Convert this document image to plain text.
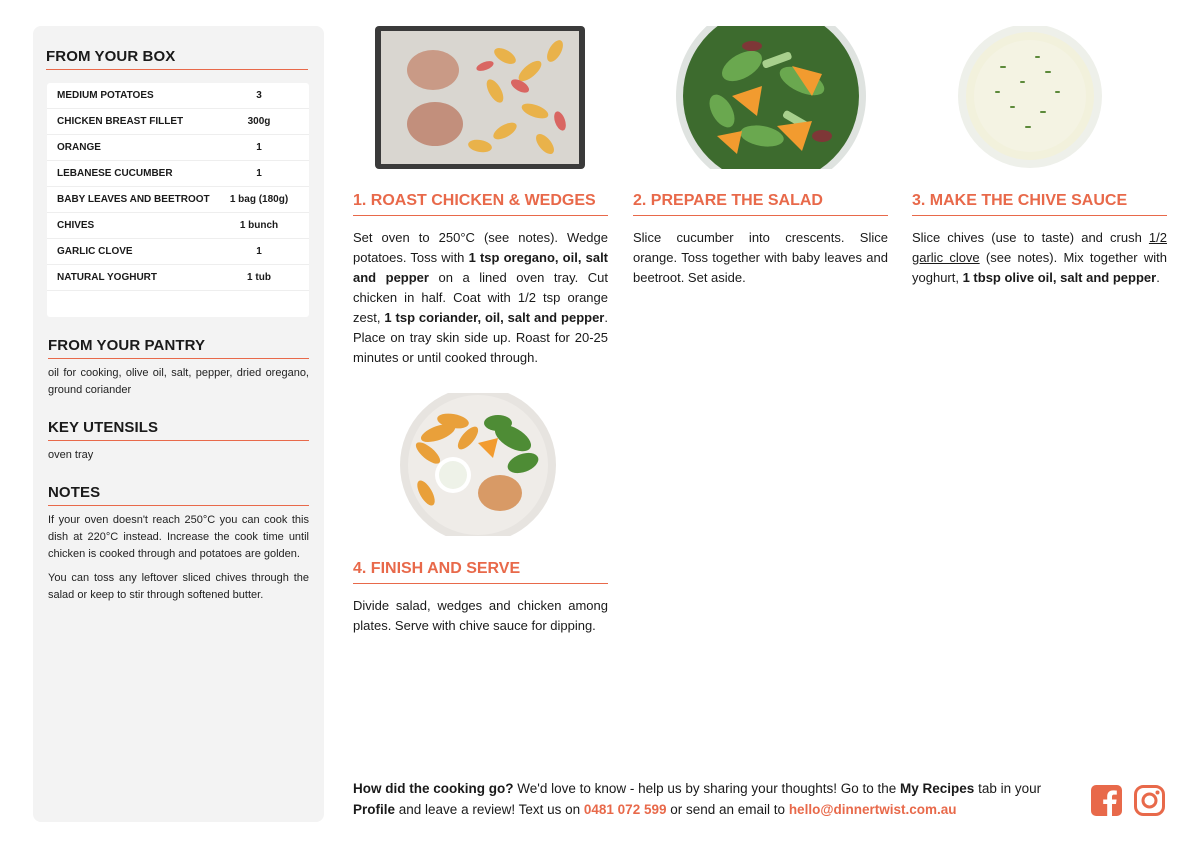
FROM YOUR BOX
MEDIUM POTATOES	3
CHICKEN BREAST FILLET	300g
ORANGE	1
LEBANESE CUCUMBER	1
BABY LEAVES AND BEETROOT	1 bag (180g)
CHIVES	1 bunch
GARLIC CLOVE	1
NATURAL YOGHURT	1 tub
FROM YOUR PANTRY

oil for cooking, olive oil, salt, pepper, dried oregano, ground coriander

KEY UTENSILS

oven tray

NOTES

If your oven doesn't reach 250°C you can cook this dish at 220°C instead. Increase the cook time until chicken is cooked through and potatoes are golden.

You can toss any leftover sliced chives through the salad or keep to stir through softened butter.

1. ROAST CHICKEN & WEDGES

Set oven to 250°C (see notes). Wedge potatoes. Toss with 1 tsp oregano, oil, salt and pepper on a lined oven tray. Cut chicken in half. Coat with 1/2 tsp orange zest, 1 tsp coriander, oil, salt and pepper. Place on tray skin side up. Roast for 20-25 minutes or until cooked through.

2. PREPARE THE SALAD

Slice cucumber into crescents. Slice orange. Toss together with baby leaves and beetroot. Set aside.

3. MAKE THE CHIVE SAUCE

Slice chives (use to taste) and crush 1/2 garlic clove (see notes). Mix together with yoghurt, 1 tbsp olive oil, salt and pepper.

4. FINISH AND SERVE

Divide salad, wedges and chicken among plates. Serve with chive sauce for dipping.

How did the cooking go? We'd love to know - help us by sharing your thoughts! Go to the My Recipes tab in your Profile and leave a review! Text us on 0481 072 599 or send an email to hello@dinnertwist.com.au
